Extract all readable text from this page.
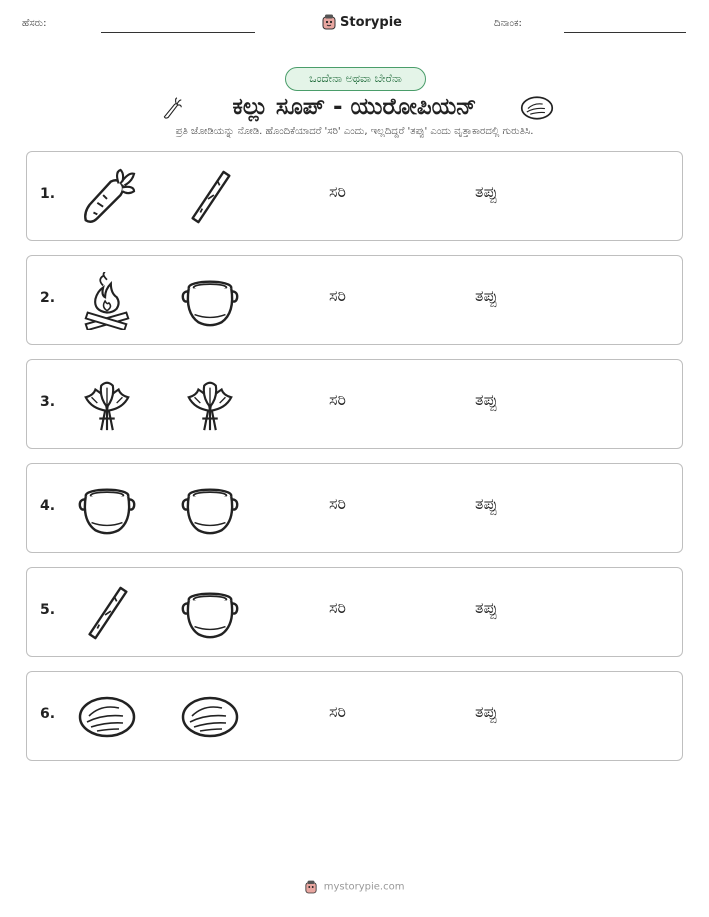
ಹೆಸರು:	Storypie	ದಿನಾಂಕ:
ಒಂದೇನಾ ಅಥವಾ ಬೇರೆನಾ
ಕಲ್ಲು ಸೂಪ್ - ಯುರೋಪಿಯನ್
ಪ್ರತಿ ಜೋಡಿಯನ್ನು ನೋಡಿ. ಹೊಂದಿಕೆಯಾದರೆ 'ಸರಿ' ಎಂದು, ಇಲ್ಲದಿದ್ದರೆ 'ತಪ್ಪು' ಎಂದು ವೃತ್ತಾಕಾರದಲ್ಲಿ ಗುರುತಿಸಿ.
1.	ಸರಿ	ತಪ್ಪು
2.	ಸರಿ	ತಪ್ಪು
3.	ಸರಿ	ತಪ್ಪು
4.	ಸರಿ	ತಪ್ಪು
5.	ಸರಿ	ತಪ್ಪು
6.	ಸರಿ	ತಪ್ಪು
mystorypie.com
